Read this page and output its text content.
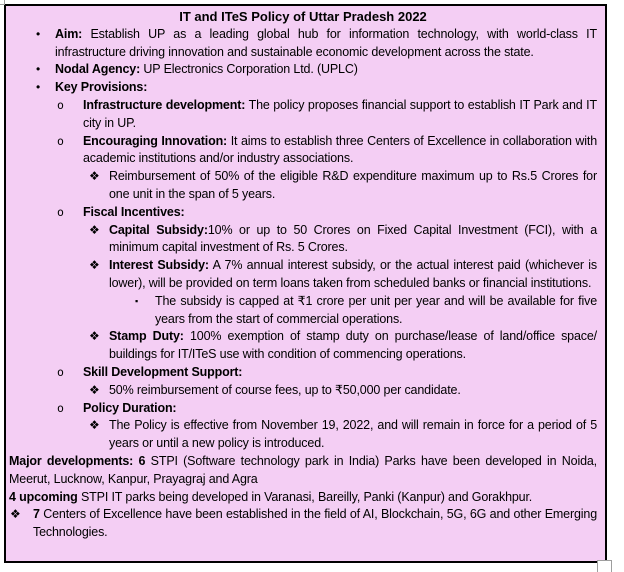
IT and ITeS Policy of Uttar Pradesh 2022
• Aim: Establish UP as a leading global hub for information technology, with world-class IT infrastructure driving innovation and sustainable economic development across the state.
• Nodal Agency: UP Electronics Corporation Ltd. (UPLC)
• Key Provisions:
o Infrastructure development: The policy proposes financial support to establish IT Park and IT city in UP.
o Encouraging Innovation: It aims to establish three Centers of Excellence in collaboration with academic institutions and/or industry associations.
❖ Reimbursement of 50% of the eligible R&D expenditure maximum up to Rs.5 Crores for one unit in the span of 5 years.
o Fiscal Incentives:
❖ Capital Subsidy:10% or up to 50 Crores on Fixed Capital Investment (FCI), with a minimum capital investment of Rs. 5 Crores.
❖ Interest Subsidy: A 7% annual interest subsidy, or the actual interest paid (whichever is lower), will be provided on term loans taken from scheduled banks or financial institutions.
▪ The subsidy is capped at ₹1 crore per unit per year and will be available for five years from the start of commercial operations.
❖ Stamp Duty: 100% exemption of stamp duty on purchase/lease of land/office space/ buildings for IT/ITeS use with condition of commencing operations.
o Skill Development Support:
❖ 50% reimbursement of course fees, up to ₹50,000 per candidate.
o Policy Duration:
❖ The Policy is effective from November 19, 2022, and will remain in force for a period of 5 years or until a new policy is introduced.
Major developments: 6 STPI (Software technology park in India) Parks have been developed in Noida, Meerut, Lucknow, Kanpur, Prayagraj and Agra
4 upcoming STPI IT parks being developed in Varanasi, Bareilly, Panki (Kanpur) and Gorakhpur.
❖ 7 Centers of Excellence have been established in the field of AI, Blockchain, 5G, 6G and other Emerging Technologies.
